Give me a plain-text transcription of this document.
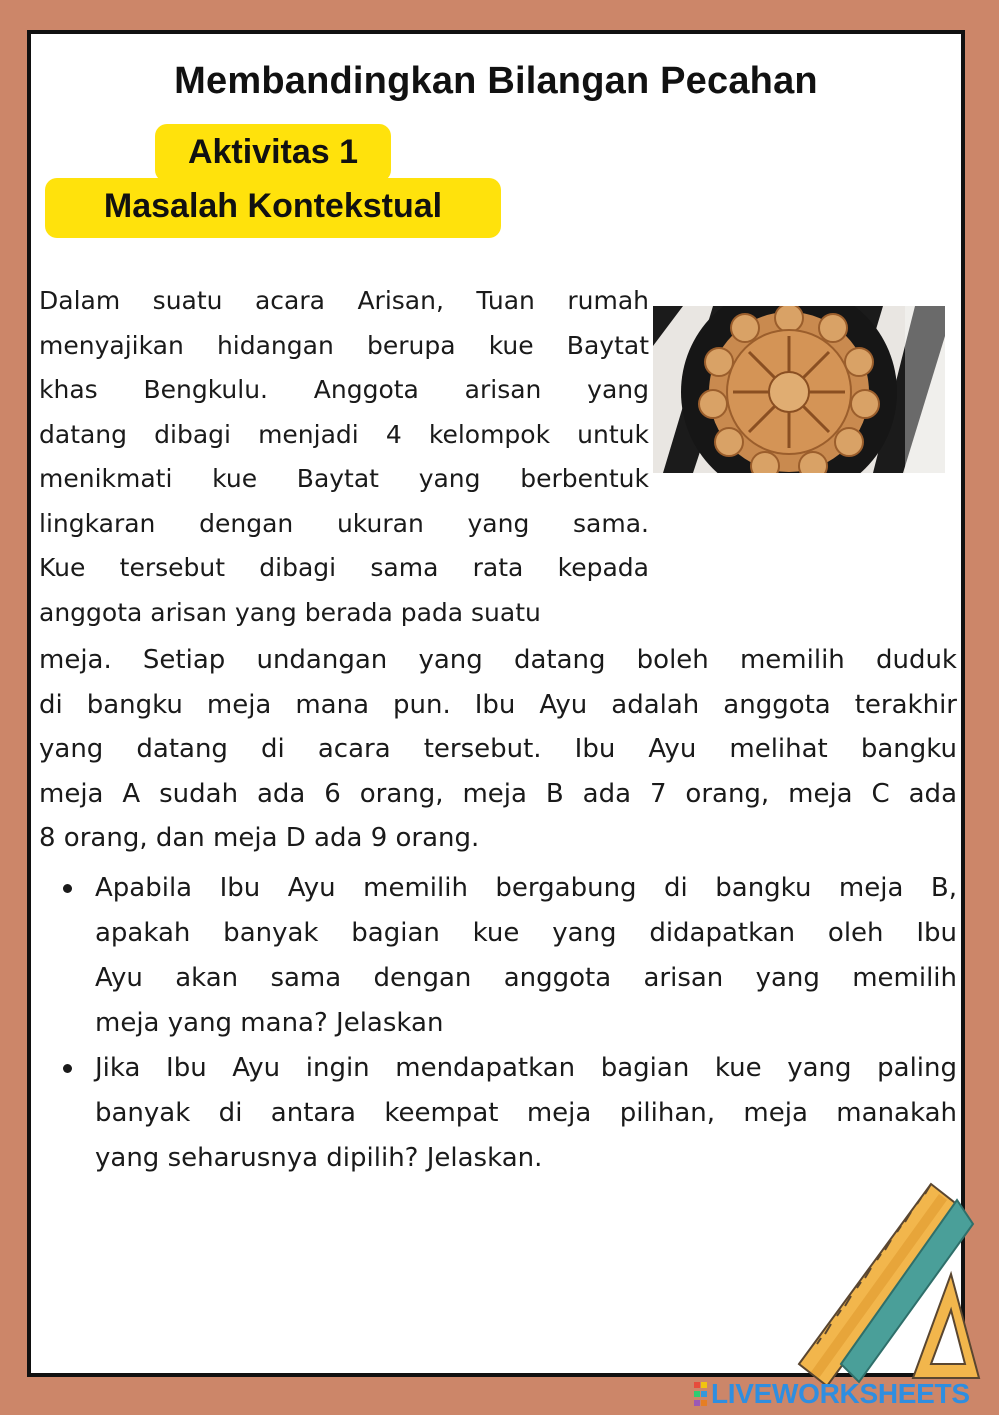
Membandingkan Bilangan Pecahan
Aktivitas 1
Masalah Kontekstual
Dalam suatu acara Arisan, Tuan rumah
menyajikan hidangan berupa kue Baytat
khas Bengkulu. Anggota arisan yang
datang dibagi menjadi 4 kelompok untuk
menikmati kue Baytat yang berbentuk
lingkaran dengan ukuran yang sama.
Kue tersebut dibagi sama rata kepada
anggota arisan yang berada pada suatu
meja. Setiap undangan yang datang boleh memilih duduk
di bangku meja mana pun. Ibu Ayu adalah anggota terakhir
yang datang di acara tersebut. Ibu Ayu melihat bangku
meja A sudah ada 6 orang, meja B ada 7 orang, meja C ada
8 orang, dan meja D ada 9 orang.
Apabila Ibu Ayu memilih bergabung di bangku meja B,
apakah banyak bagian kue yang didapatkan oleh Ibu
Ayu akan sama dengan anggota arisan yang memilih
meja yang mana? Jelaskan
Jika Ibu Ayu ingin mendapatkan bagian kue yang paling
banyak di antara keempat meja pilihan, meja manakah
yang seharusnya dipilih? Jelaskan.
LIVEWORKSHEETS
